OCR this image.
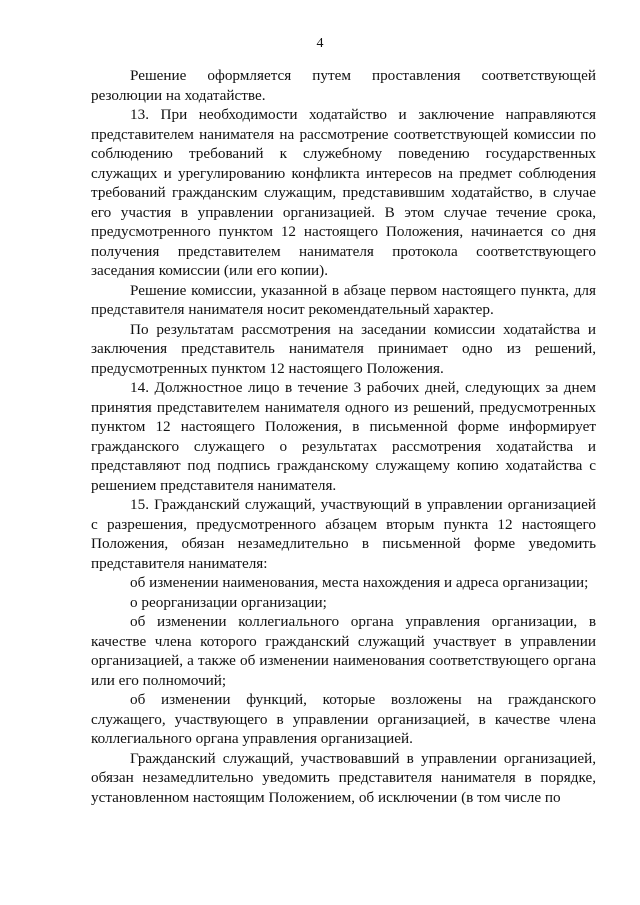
4

Решение оформляется путем проставления соответствующей резолюции на ходатайстве.

13. При необходимости ходатайство и заключение направляются представителем нанимателя на рассмотрение соответствующей комиссии по соблюдению требований к служебному поведению государственных служащих и урегулированию конфликта интересов на предмет соблюдения требований гражданским служащим, представившим ходатайство, в случае его участия в управлении организацией. В этом случае течение срока, предусмотренного пунктом 12 настоящего Положения, начинается со дня получения представителем нанимателя протокола соответствующего заседания комиссии (или его копии).

Решение комиссии, указанной в абзаце первом настоящего пункта, для представителя нанимателя носит рекомендательный характер.

По результатам рассмотрения на заседании комиссии ходатайства и заключения представитель нанимателя принимает одно из решений, предусмотренных пунктом 12 настоящего Положения.

14. Должностное лицо в течение 3 рабочих дней, следующих за днем принятия представителем нанимателя одного из решений, предусмотренных пунктом 12 настоящего Положения, в письменной форме информирует гражданского служащего о результатах рассмотрения ходатайства и представляют под подпись гражданскому служащему копию ходатайства с решением представителя нанимателя.

15. Гражданский служащий, участвующий в управлении организацией с разрешения, предусмотренного абзацем вторым пункта 12 настоящего Положения, обязан незамедлительно в письменной форме уведомить представителя нанимателя:

об изменении наименования, места нахождения и адреса организации;

о реорганизации организации;

об изменении коллегиального органа управления организации, в качестве члена которого гражданский служащий участвует в управлении организацией, а также об изменении наименования соответствующего органа или его полномочий;

об изменении функций, которые возложены на гражданского служащего, участвующего в управлении организацией, в качестве члена коллегиального органа управления организацией.

Гражданский служащий, участвовавший в управлении организацией, обязан незамедлительно уведомить представителя нанимателя в порядке, установленном настоящим Положением, об исключении (в том числе по
